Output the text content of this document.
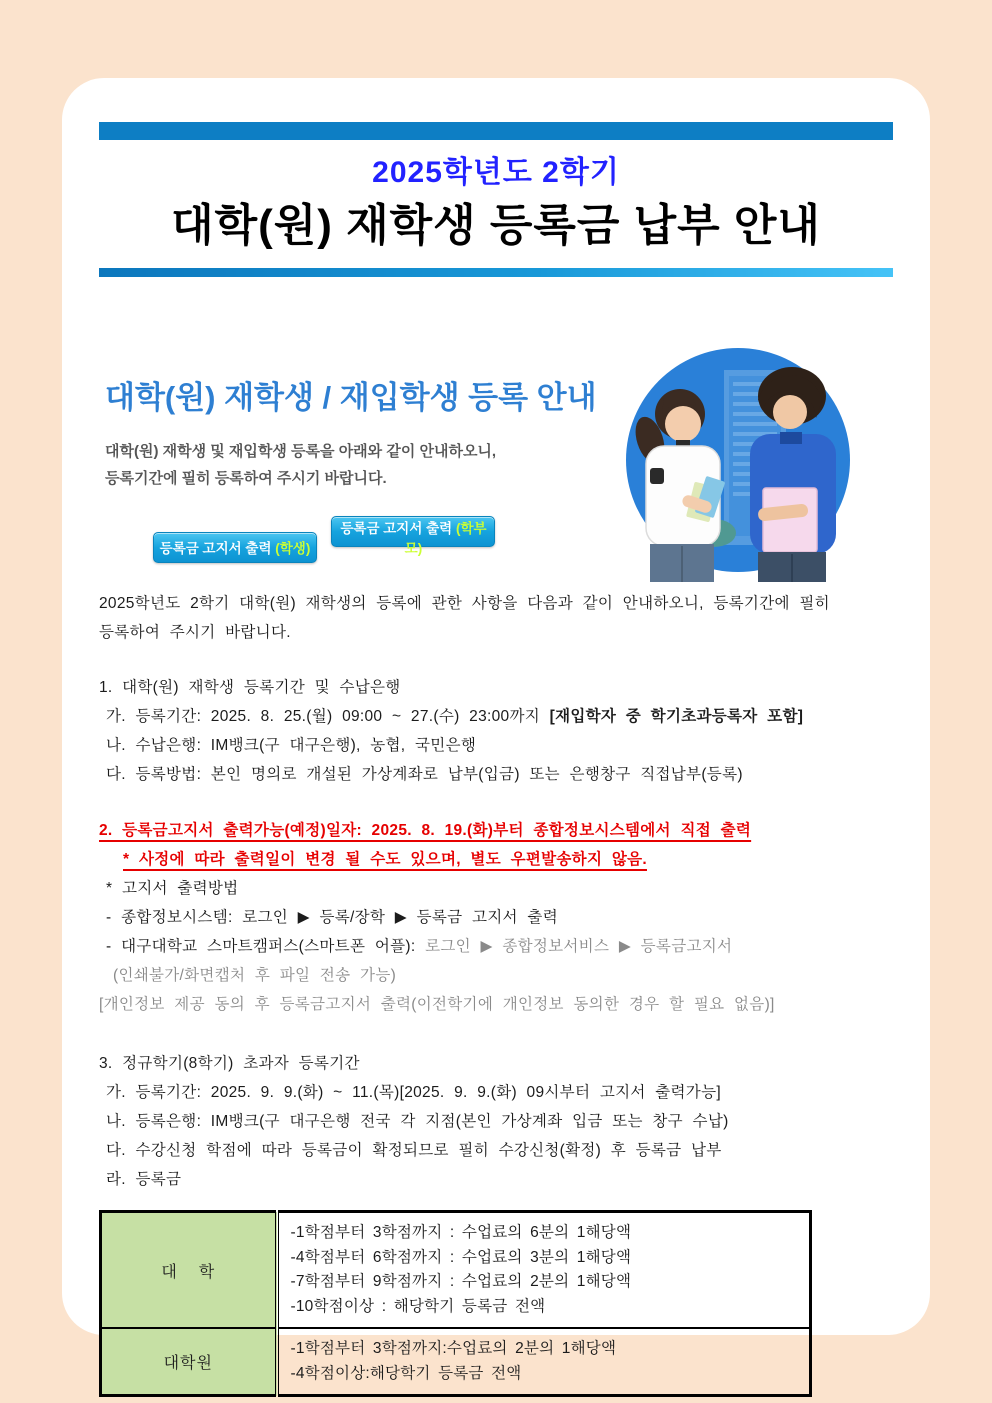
2025학년도 2학기
대학(원) 재학생 등록금 납부 안내
대학(원) 재학생 / 재입학생 등록 안내
대학(원) 재학생 및 재입학생 등록을 아래와 같이 안내하오니,
등록기간에 필히 등록하여 주시기 바랍니다.
등록금 고지서 출력 (학생) 등록금 고지서 출력 (학부모)

2025학년도 2학기 대학(원) 재학생의 등록에 관한 사항을 다음과 같이 안내하오니, 등록기간에 필히
등록하여 주시기 바랍니다.

1. 대학(원) 재학생 등록기간 및 수납은행
가. 등록기간: 2025. 8. 25.(월) 09:00 ~ 27.(수) 23:00까지 [재입학자 중 학기초과등록자 포함]
나. 수납은행: IM뱅크(구 대구은행), 농협, 국민은행
다. 등록방법: 본인 명의로 개설된 가상계좌로 납부(입금) 또는 은행창구 직접납부(등록)
2. 등록금고지서 출력가능(예정)일자: 2025. 8. 19.(화)부터 종합정보시스템에서 직접 출력
* 사정에 따라 출력일이 변경 될 수도 있으며, 별도 우편발송하지 않음.
* 고지서 출력방법
- 종합정보시스템: 로그인 ▶ 등록/장학 ▶ 등록금 고지서 출력
- 대구대학교 스마트캠퍼스(스마트폰 어플): 로그인 ▶ 종합정보서비스 ▶ 등록금고지서
(인쇄불가/화면캡처 후 파일 전송 가능)
[개인정보 제공 동의 후 등록금고지서 출력(이전학기에 개인정보 동의한 경우 할 필요 없음)]
3. 정규학기(8학기) 초과자 등록기간
가. 등록기간: 2025. 9. 9.(화) ~ 11.(목)[2025. 9. 9.(화) 09시부터 고지서 출력가능]
나. 등록은행: IM뱅크(구 대구은행 전국 각 지점(본인 가상계좌 입금 또는 창구 수납)
다. 수강신청 학점에 따라 등록금이 확정되므로 필히 수강신청(확정) 후 등록금 납부
라. 등록금
대  학	-1학점부터 3학점까지 : 수업료의 6분의 1해당액
-4학점부터 6학점까지 : 수업료의 3분의 1해당액
-7학점부터 9학점까지 : 수업료의 2분의 1해당액
-10학점이상 : 해당학기 등록금 전액

대학원	-1학점부터 3학점까지:수업료의 2분의 1해당액
-4학점이상:해당학기 등록금 전액
